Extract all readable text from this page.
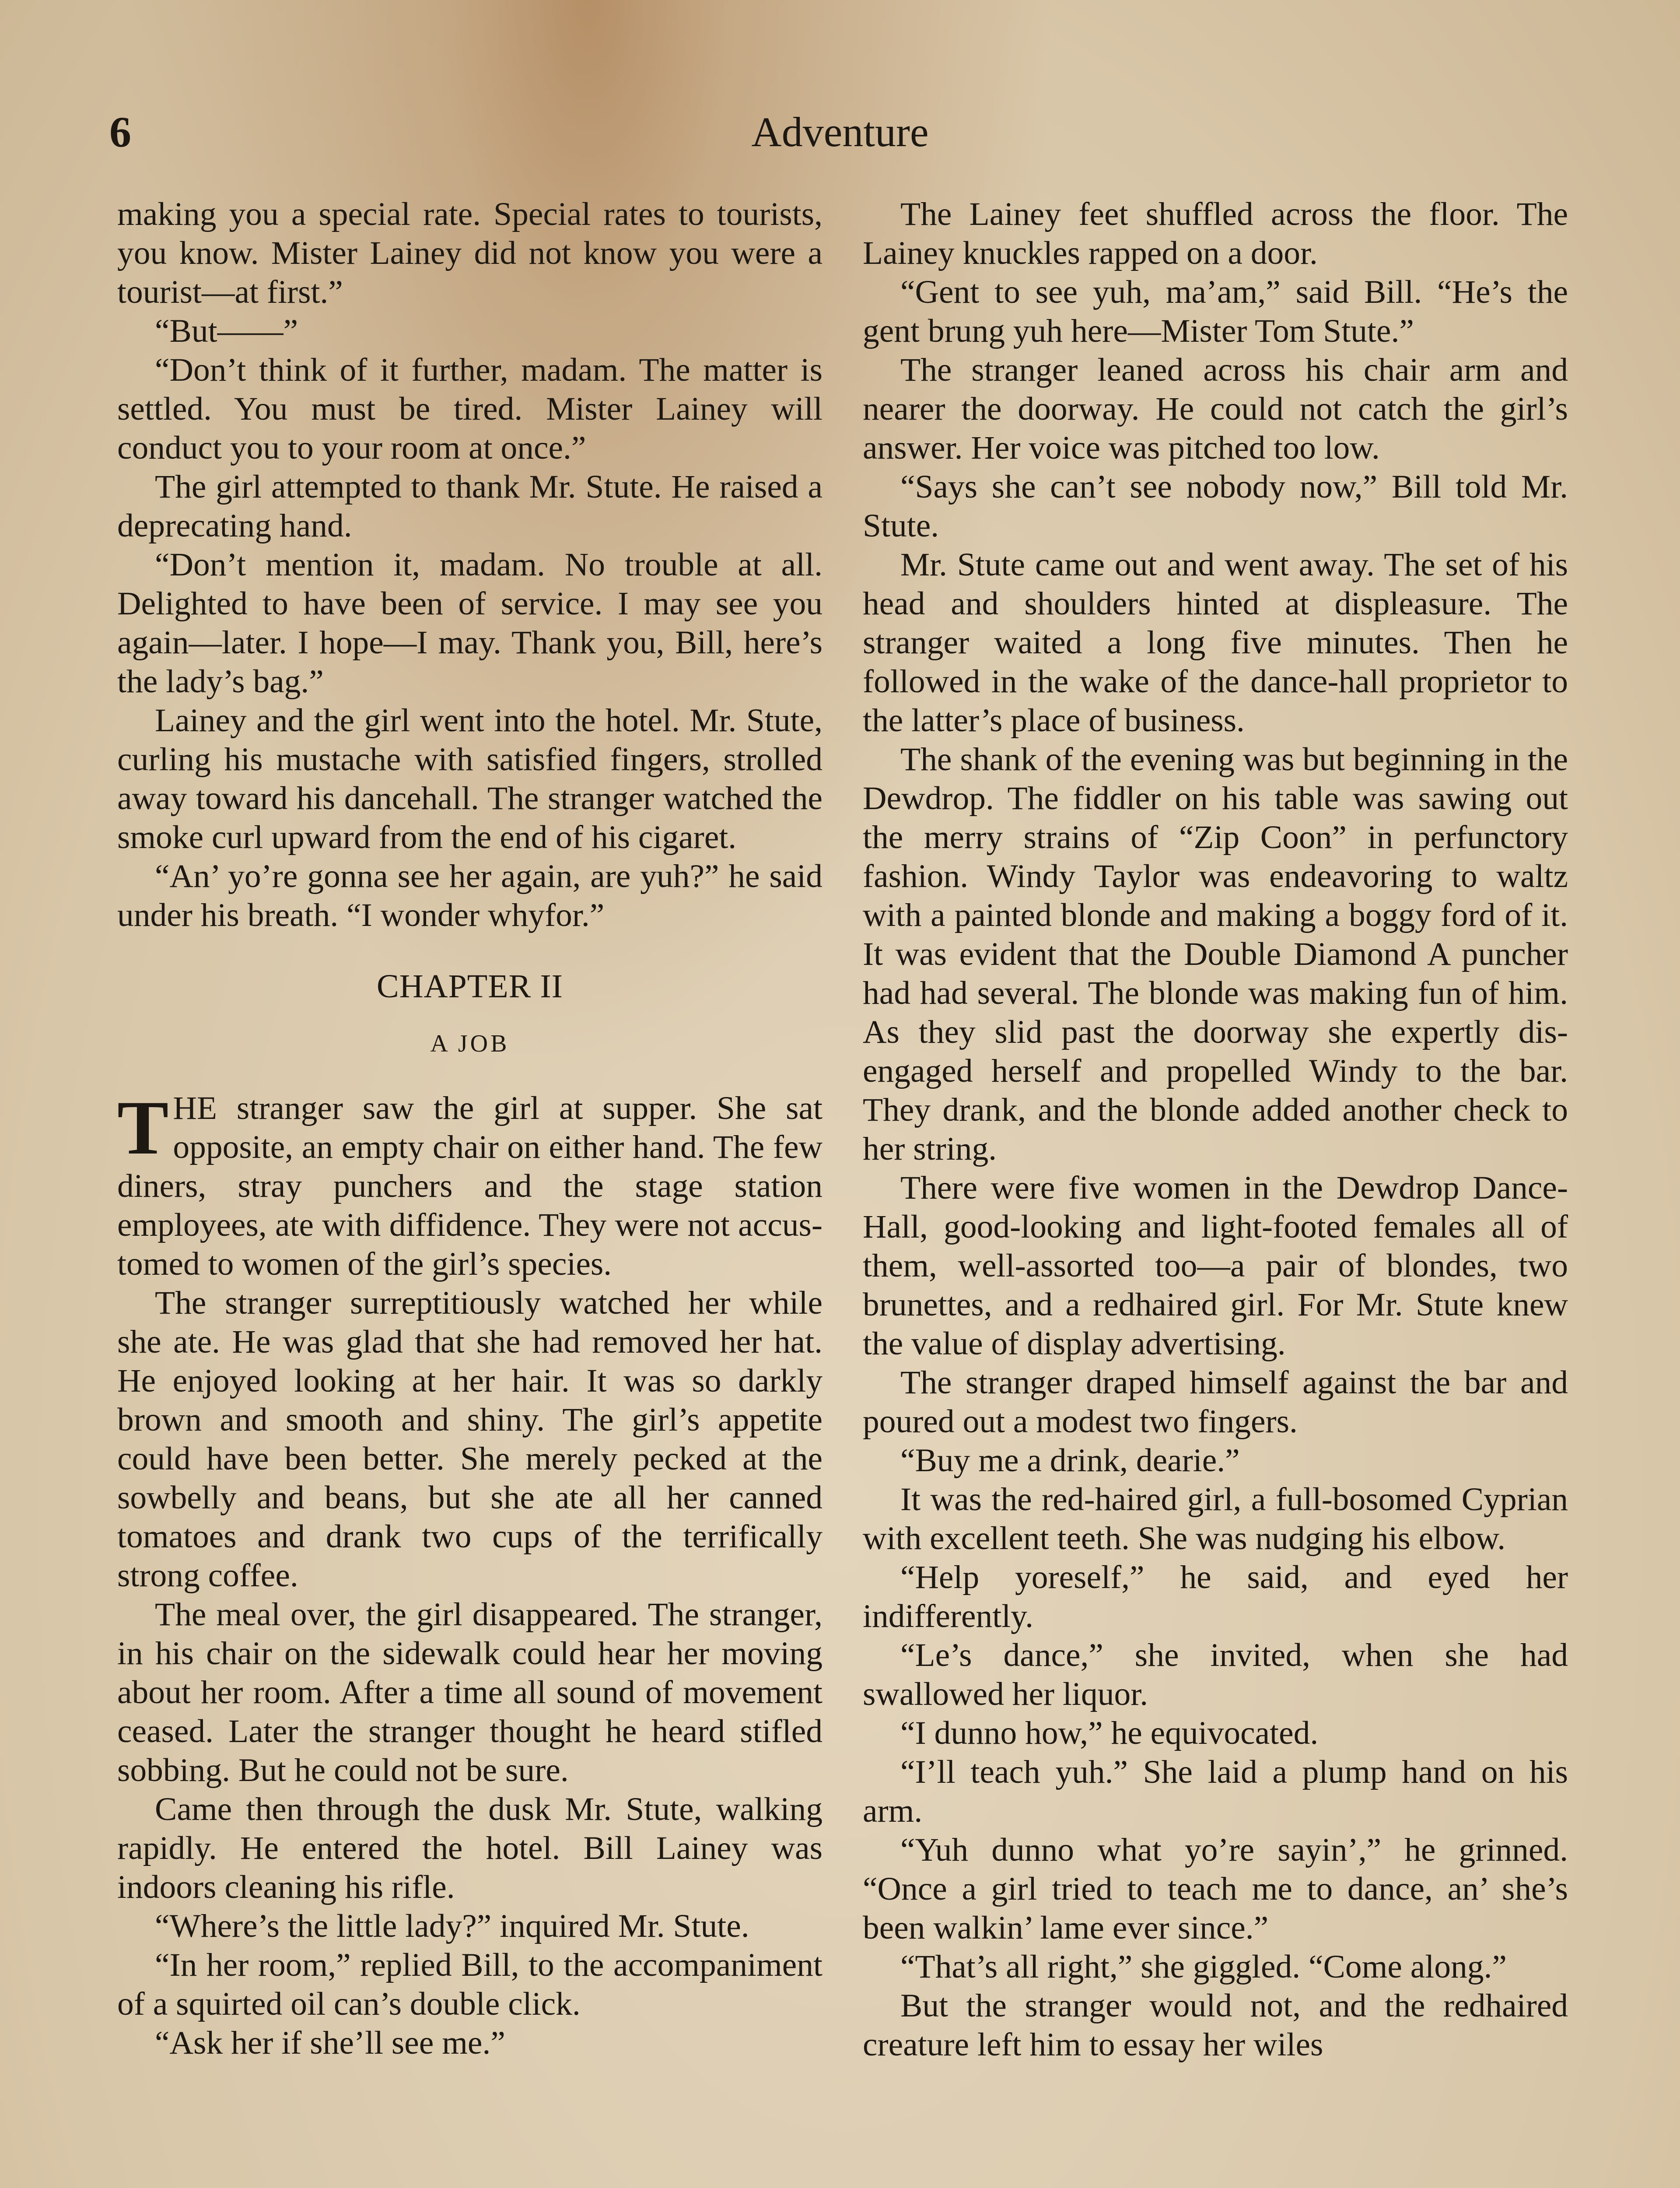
6	Adventure

making you a special rate. Special rates to tourists, you know. Mister Lainey did not know you were a tourist—at first.”

“But——”

“Don’t think of it further, madam. The matter is settled. You must be tired. Mister Lainey will conduct you to your room at once.”

The girl attempted to thank Mr. Stute. He raised a deprecating hand.

“Don’t mention it, madam. No trouble at all. Delighted to have been of service. I may see you again—later. I hope—I may. Thank you, Bill, here’s the lady’s bag.”

Lainey and the girl went into the hotel. Mr. Stute, curling his mustache with satisfied fingers, strolled away toward his dancehall. The stranger watched the smoke curl upward from the end of his cigaret.

“An’ yo’re gonna see her again, are yuh?” he said under his breath. “I wonder whyfor.”

CHAPTER II
A JOB

THE stranger saw the girl at supper. She sat opposite, an empty chair on either hand. The few diners, stray punchers and the stage station employees, ate with diffidence. They were not accustomed to women of the girl’s species.

The stranger surreptitiously watched her while she ate. He was glad that she had removed her hat. He enjoyed looking at her hair. It was so darkly brown and smooth and shiny. The girl’s appetite could have been better. She merely pecked at the sowbelly and beans, but she ate all her canned tomatoes and drank two cups of the terrifically strong coffee.

The meal over, the girl disappeared. The stranger, in his chair on the sidewalk could hear her moving about her room. After a time all sound of movement ceased. Later the stranger thought he heard stifled sobbing. But he could not be sure.

Came then through the dusk Mr. Stute, walking rapidly. He entered the hotel. Bill Lainey was indoors cleaning his rifle.

“Where’s the little lady?” inquired Mr. Stute.

“In her room,” replied Bill, to the accompaniment of a squirted oil can’s double click.

“Ask her if she’ll see me.”

The Lainey feet shuffled across the floor. The Lainey knuckles rapped on a door.

“Gent to see yuh, ma’am,” said Bill. “He’s the gent brung yuh here—Mister Tom Stute.”

The stranger leaned across his chair arm and nearer the doorway. He could not catch the girl’s answer. Her voice was pitched too low.

“Says she can’t see nobody now,” Bill told Mr. Stute.

Mr. Stute came out and went away. The set of his head and shoulders hinted at displeasure. The stranger waited a long five minutes. Then he followed in the wake of the dance-hall proprietor to the latter’s place of business.

The shank of the evening was but beginning in the Dewdrop. The fiddler on his table was sawing out the merry strains of “Zip Coon” in perfunctory fashion. Windy Taylor was endeavoring to waltz with a painted blonde and making a boggy ford of it. It was evident that the Double Diamond A puncher had had several. The blonde was making fun of him. As they slid past the doorway she expertly disengaged herself and propelled Windy to the bar. They drank, and the blonde added another check to her string.

There were five women in the Dewdrop Dance-Hall, good-looking and light-footed females all of them, well-assorted too—a pair of blondes, two brunettes, and a redhaired girl. For Mr. Stute knew the value of display advertising.

The stranger draped himself against the bar and poured out a modest two fingers.

“Buy me a drink, dearie.”

It was the red-haired girl, a full-bosomed Cyprian with excellent teeth. She was nudging his elbow.

“Help yoreself,” he said, and eyed her indifferently.

“Le’s dance,” she invited, when she had swallowed her liquor.

“I dunno how,” he equivocated.

“I’ll teach yuh.” She laid a plump hand on his arm.

“Yuh dunno what yo’re sayin’,” he grinned. “Once a girl tried to teach me to dance, an’ she’s been walkin’ lame ever since.”

“That’s all right,” she giggled. “Come along.”

But the stranger would not, and the redhaired creature left him to essay her wiles
